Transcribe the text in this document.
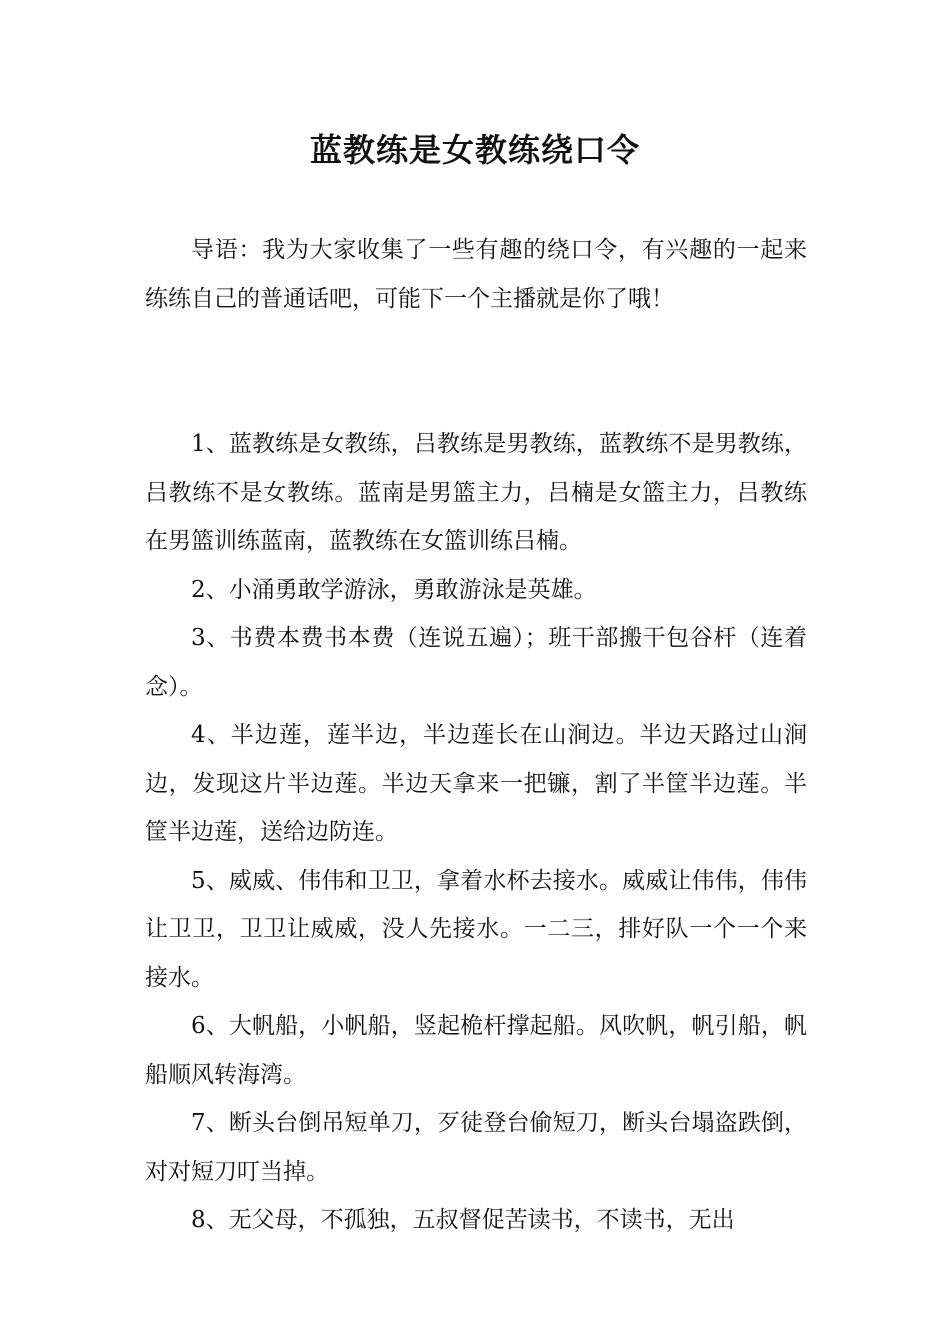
蓝教练是女教练绕口令

导语：我为大家收集了一些有趣的绕口令，有兴趣的一起来练练自己的普通话吧，可能下一个主播就是你了哦！

1、蓝教练是女教练，吕教练是男教练，蓝教练不是男教练，吕教练不是女教练。蓝南是男篮主力，吕楠是女篮主力，吕教练在男篮训练蓝南，蓝教练在女篮训练吕楠。

2、小涌勇敢学游泳，勇敢游泳是英雄。

3、书费本费书本费（连说五遍）；班干部搬干包谷杆（连着念）。

4、半边莲，莲半边，半边莲长在山涧边。半边天路过山涧边，发现这片半边莲。半边天拿来一把镰，割了半筐半边莲。半筐半边莲，送给边防连。

5、威威、伟伟和卫卫，拿着水杯去接水。威威让伟伟，伟伟让卫卫，卫卫让威威，没人先接水。一二三，排好队一个一个来接水。

6、大帆船，小帆船，竖起桅杆撑起船。风吹帆，帆引船，帆船顺风转海湾。

7、断头台倒吊短单刀，歹徒登台偷短刀，断头台塌盗跌倒，对对短刀叮当掉。

8、无父母，不孤独，五叔督促苦读书，不读书，无出
